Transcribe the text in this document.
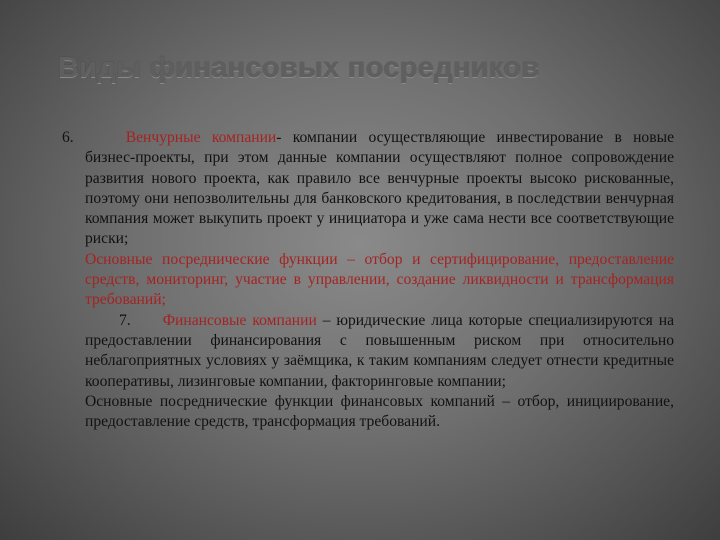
Виды финансовых посредников

6.	Венчурные компании- компании осуществляющие инвестирование в новые бизнес-проекты, при этом данные компании осуществляют полное сопровождение развития нового проекта, как правило все венчурные проекты высоко рискованные, поэтому они непозволительны для банковского кредитования, в последствии венчурная компания может выкупить проект у инициатора и уже сама нести все соответствующие риски;

Основные посреднические функции – отбор и сертифицирование, предоставление средств, мониторинг, участие в управлении, создание ликвидности и трансформация требований;

7. Финансовые компании – юридические лица которые специализируются на предоставлении финансирования с повышенным риском при относительно неблагоприятных условиях у заёмщика, к таким компаниям следует отнести кредитные кооперативы, лизинговые компании, факторинговые компании;

Основные посреднические функции финансовых компаний – отбор, инициирование, предоставление средств, трансформация требований.
